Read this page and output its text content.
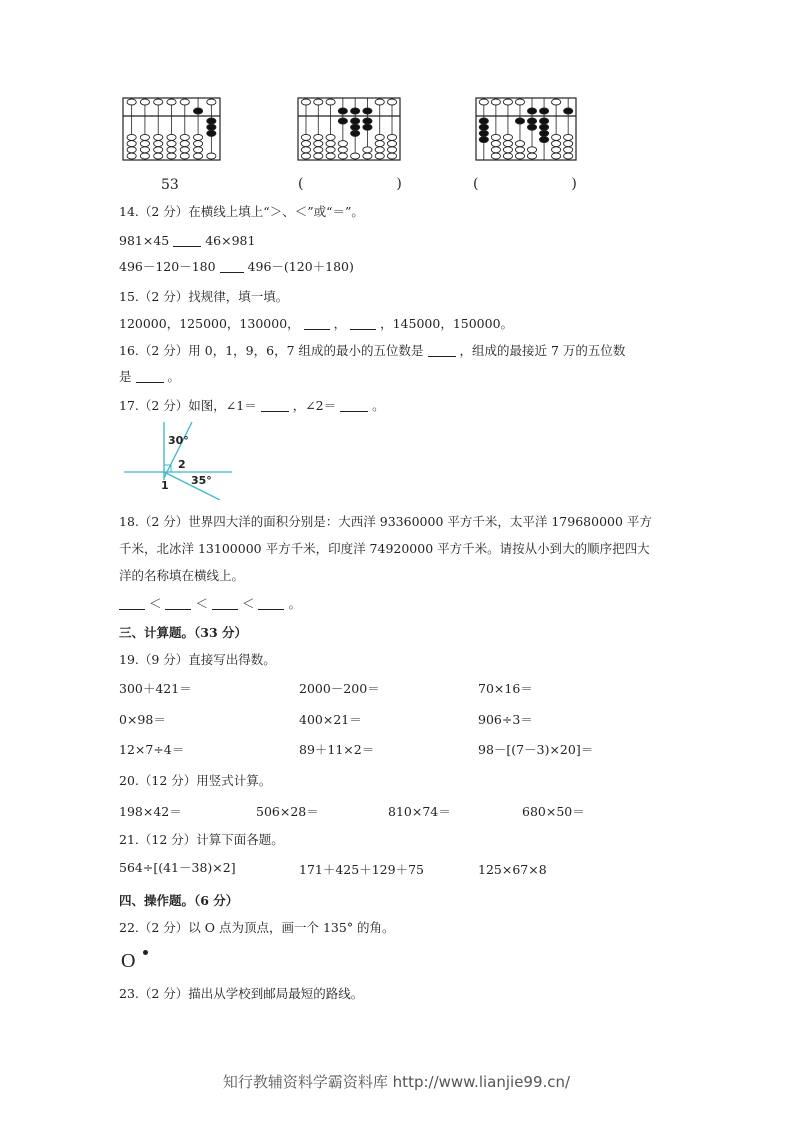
53	(	)	(	)
14.（2 分）在横线上填上“＞、＜”或“＝”。
981×45	46×981
496－120－180	496－(120＋180)
15.（2 分）找规律，填一填。
120000，125000，130000，	，	，145000，150000。
16.（2 分）用 0，1，9，6，7 组成的最小的五位数是	，组成的最接近 7 万的五位数
是	。
17.（2 分）如图，∠1＝	，∠2＝	。
30°
2
1 35°
18.（2 分）世界四大洋的面积分别是：大西洋 93360000 平方千米，太平洋 179680000 平方
千米，北冰洋 13100000 平方千米，印度洋 74920000 平方千米。请按从小到大的顺序把四大
洋的名称填在横线上。
＜	＜	＜	。
三、计算题。（33 分）
19.（9 分）直接写出得数。
300＋421＝	2000－200＝	70×16＝
0×98＝	400×21＝	906÷3＝
12×7÷4＝	89＋11×2＝	98－[(7－3)×20]＝
20.（12 分）用竖式计算。
198×42＝	506×28＝	810×74＝	680×50＝
21.（12 分）计算下面各题。
564÷[(41－38)×2]	171＋425＋129＋75	125×67×8
四、操作题。（6 分）
22.（2 分）以 O 点为顶点，画一个 135° 的角。
O
23.（2 分）描出从学校到邮局最短的路线。
知行教辅资料学霸资料库 http://www.lianjie99.cn/
